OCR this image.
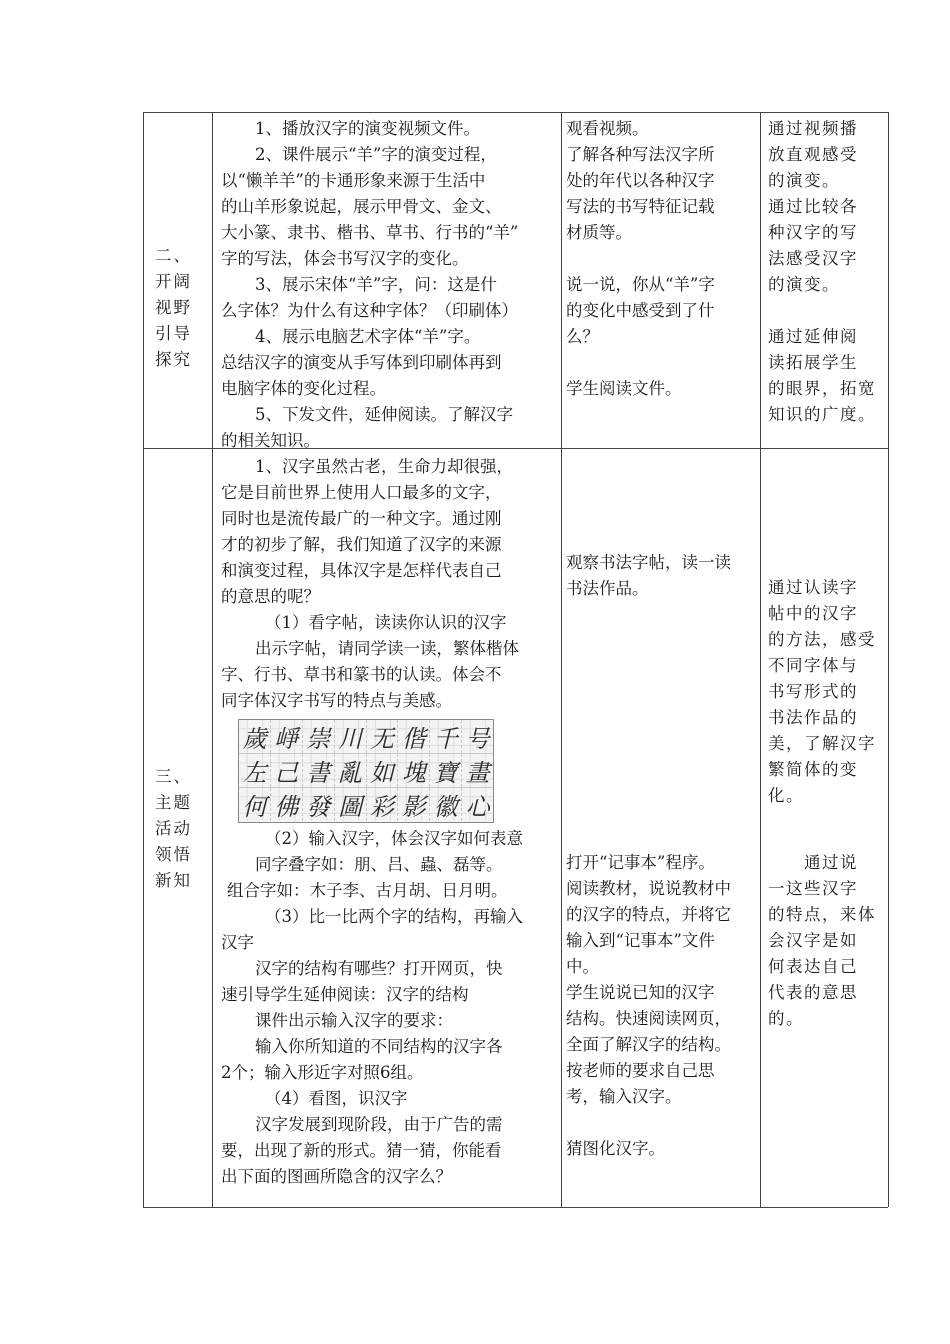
二、

开阔

视野

引导

探究

1、播放汉字的演变视频文件。

2、课件展示“羊”字的演变过程，

以“懒羊羊”的卡通形象来源于生活中

的山羊形象说起，展示甲骨文、金文、

大小篆、隶书、楷书、草书、行书的“羊”

字的写法，体会书写汉字的变化。

3、展示宋体“羊”字，问：这是什

么字体？为什么有这种字体？（印刷体）

4、展示电脑艺术字体“羊”字。

总结汉字的演变从手写体到印刷体再到

电脑字体的变化过程。

5、下发文件，延伸阅读。了解汉字

的相关知识。

观看视频。

了解各种写法汉字所

处的年代以各种汉字

写法的书写特征记载

材质等。

说一说，你从“羊”字

的变化中感受到了什

么？

学生阅读文件。

通过视频播

放直观感受

的演变。

通过比较各

种汉字的写

法感受汉字

的演变。

通过延伸阅

读拓展学生

的眼界，拓宽

知识的广度。

三、

主题

活动

领悟

新知

1、汉字虽然古老，生命力却很强，

它是目前世界上使用人口最多的文字，

同时也是流传最广的一种文字。通过刚

才的初步了解，我们知道了汉字的来源

和演变过程，具体汉字是怎样代表自己

的意思的呢？

（1）看字帖，读读你认识的汉字

出示字帖，请同学读一读，繁体楷体

字、行书、草书和篆书的认读。体会不

同字体汉字书写的特点与美感。

歲 崢 崇 川 无 偕 千 号
左 己 書 亂 如 塊 寶 畫
何 佛 發 圖 彩 影 徽 心

（2）输入汉字，体会汉字如何表意

同字叠字如：朋、吕、蟲、磊等。

组合字如：木子李、古月胡、日月明。

（3）比一比两个字的结构，再输入

汉字

汉字的结构有哪些？打开网页，快

速引导学生延伸阅读：汉字的结构

课件出示输入汉字的要求：

输入你所知道的不同结构的汉字各

2个；输入形近字对照6组。

（4）看图，识汉字

汉字发展到现阶段，由于广告的需

要，出现了新的形式。猜一猜，你能看

出下面的图画所隐含的汉字么？

观察书法字帖，读一读

书法作品。

打开“记事本”程序。

阅读教材，说说教材中

的汉字的特点，并将它

输入到“记事本”文件

中。

学生说说已知的汉字

结构。快速阅读网页，

全面了解汉字的结构。

按老师的要求自己思

考，输入汉字。

猜图化汉字。

通过认读字

帖中的汉字

的方法，感受

不同字体与

书写形式的

书法作品的

美，了解汉字

繁简体的变

化。

通过说

一这些汉字

的特点，来体

会汉字是如

何表达自己

代表的意思

的。
